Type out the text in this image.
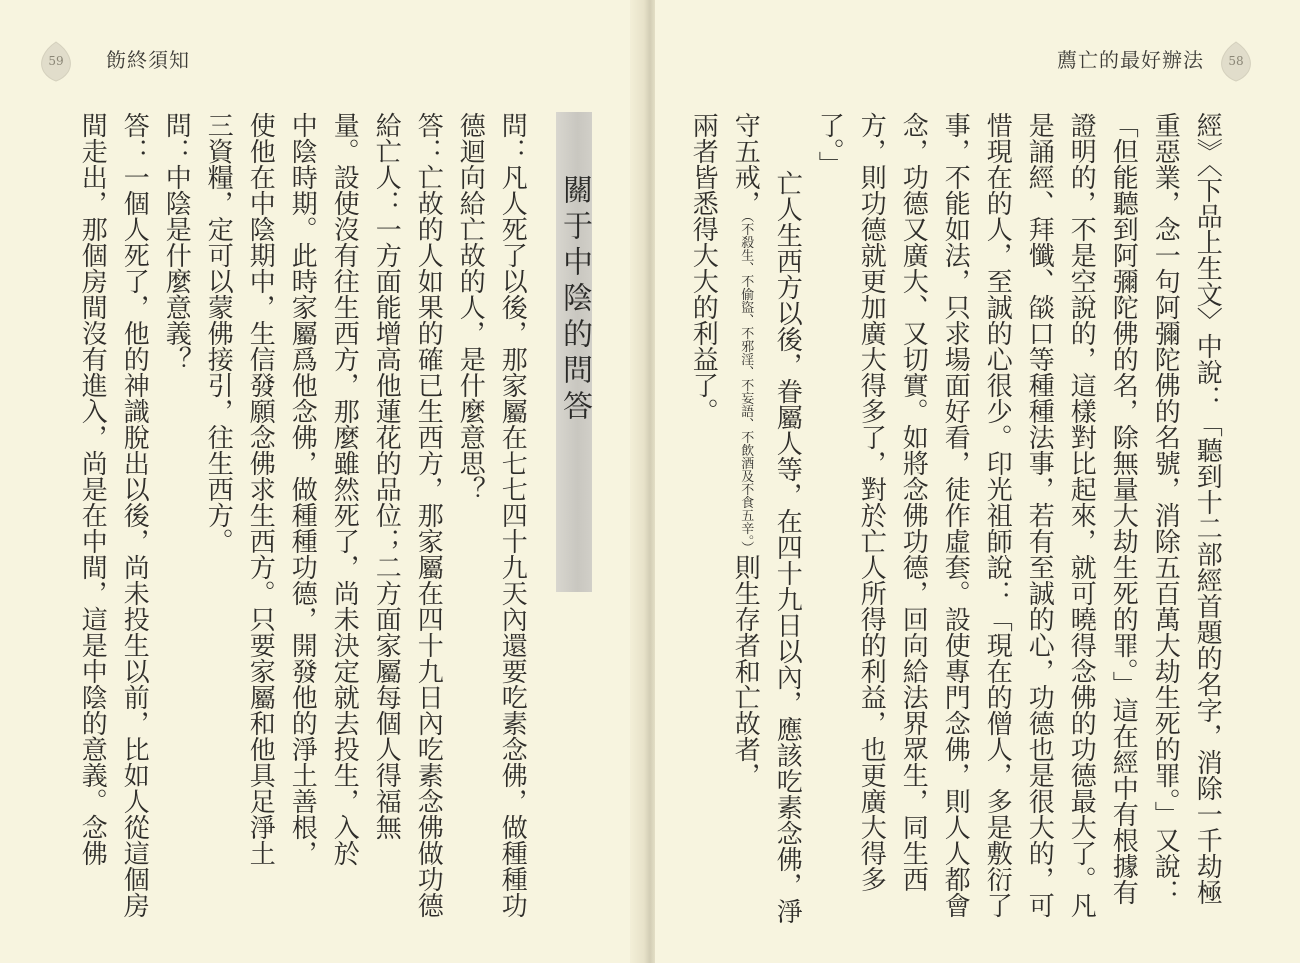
59	飭終須知
關于中陰的問答
問：凡人死了以後，那家屬在七七四十九天內還要吃素念佛，做種種功
德迴向給亡故的人，是什麼意思？
答：亡故的人如果的確已生西方，那家屬在四十九日內吃素念佛做功德
給亡人：一方面能增高他蓮花的品位；二方面家屬每個人得福無
量。設使沒有往生西方，那麼雖然死了，尚未決定就去投生，入於
中陰時期。此時家屬爲他念佛，做種種功德，開發他的淨土善根，
使他在中陰期中，生信發願念佛求生西方。只要家屬和他具足淨土
三資糧，定可以蒙佛接引，往生西方。
問：中陰是什麼意義？
答：一個人死了，他的神識脫出以後，尚未投生以前，比如人從這個房
間走出，那個房間沒有進入，尚是在中間，這是中陰的意義。念佛
薦亡的最好辦法	58
經》〈下品上生文〉中說：「聽到十二部經首題的名字，消除一千劫極
重惡業，念一句阿彌陀佛的名號，消除五百萬大劫生死的罪。」又說：
「但能聽到阿彌陀佛的名，除無量大劫生死的罪。」這在經中有根據有
證明的，不是空說的，這樣對比起來，就可曉得念佛的功德最大了。凡
是誦經、拜懺、燄口等種種法事，若有至誠的心，功德也是很大的，可
惜現在的人，至誠的心很少。印光祖師說：「現在的僧人，多是敷衍了
事，不能如法，只求場面好看，徒作虛套。設使專門念佛，則人人都會
念，功德又廣大、又切實。如將念佛功德，回向給法界眾生，同生西
方，則功德就更加廣大得多了，對於亡人所得的利益，也更廣大得多
了。」
亡人生西方以後，眷屬人等，在四十九日以內，應該吃素念佛，淨
守五戒，（不殺生、不偷盜、不邪淫、不妄語、不飲酒及不食五辛。）則生存者和亡故者，
兩者皆悉得大大的利益了。
